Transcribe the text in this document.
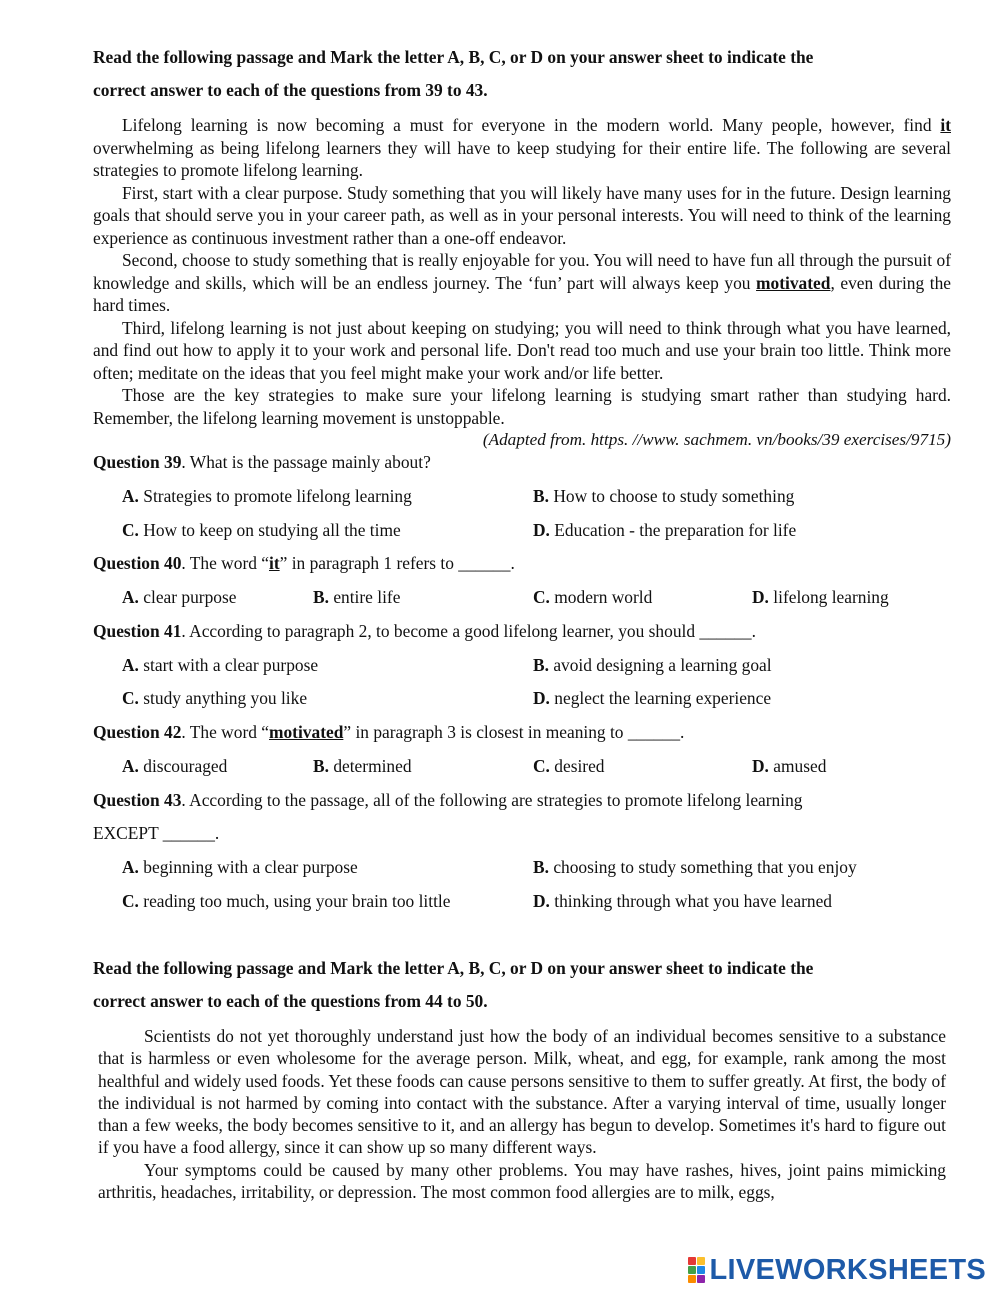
Read the following passage and Mark the letter A, B, C, or D on your answer sheet to indicate the
correct answer to each of the questions from 39 to 43.

Lifelong learning is now becoming a must for everyone in the modern world. Many people, however, find it overwhelming as being lifelong learners they will have to keep studying for their entire life. The following are several strategies to promote lifelong learning.

First, start with a clear purpose. Study something that you will likely have many uses for in the future. Design learning goals that should serve you in your career path, as well as in your personal interests. You will need to think of the learning experience as continuous investment rather than a one-off endeavor.

Second, choose to study something that is really enjoyable for you. You will need to have fun all through the pursuit of knowledge and skills, which will be an endless journey. The ‘fun’ part will always keep you motivated, even during the hard times.

Third, lifelong learning is not just about keeping on studying; you will need to think through what you have learned, and find out how to apply it to your work and personal life. Don't read too much and use your brain too little. Think more often; meditate on the ideas that you feel might make your work and/or life better.

Those are the key strategies to make sure your lifelong learning is studying smart rather than studying hard. Remember, the lifelong learning movement is unstoppable.

(Adapted from. https. //www. sachmem. vn/books/39 exercises/9715)

Question 39. What is the passage mainly about?

A. Strategies to promote lifelong learning	B. How to choose to study something
C. How to keep on studying all the time	D. Education - the preparation for life

Question 40. The word “it” in paragraph 1 refers to ______.

A. clear purpose	B. entire life	C. modern world	D. lifelong learning

Question 41. According to paragraph 2, to become a good lifelong learner, you should ______.

A. start with a clear purpose	B. avoid designing a learning goal
C. study anything you like	D. neglect the learning experience

Question 42. The word “motivated” in paragraph 3 is closest in meaning to ______.

A. discouraged	B. determined	C. desired	D. amused

Question 43. According to the passage, all of the following are strategies to promote lifelong learning

EXCEPT ______.

A. beginning with a clear purpose	B. choosing to study something that you enjoy
C. reading too much, using your brain too little	D. thinking through what you have learned

Read the following passage and Mark the letter A, B, C, or D on your answer sheet to indicate the
correct answer to each of the questions from 44 to 50.

Scientists do not yet thoroughly understand just how the body of an individual becomes sensitive to a substance that is harmless or even wholesome for the average person. Milk, wheat, and egg, for example, rank among the most healthful and widely used foods. Yet these foods can cause persons sensitive to them to suffer greatly. At first, the body of the individual is not harmed by coming into contact with the substance. After a varying interval of time, usually longer than a few weeks, the body becomes sensitive to it, and an allergy has begun to develop. Sometimes it's hard to figure out if you have a food allergy, since it can show up so many different ways.

Your symptoms could be caused by many other problems. You may have rashes, hives, joint pains mimicking arthritis, headaches, irritability, or depression. The most common food allergies are to milk, eggs,

LIVEWORKSHEETS
